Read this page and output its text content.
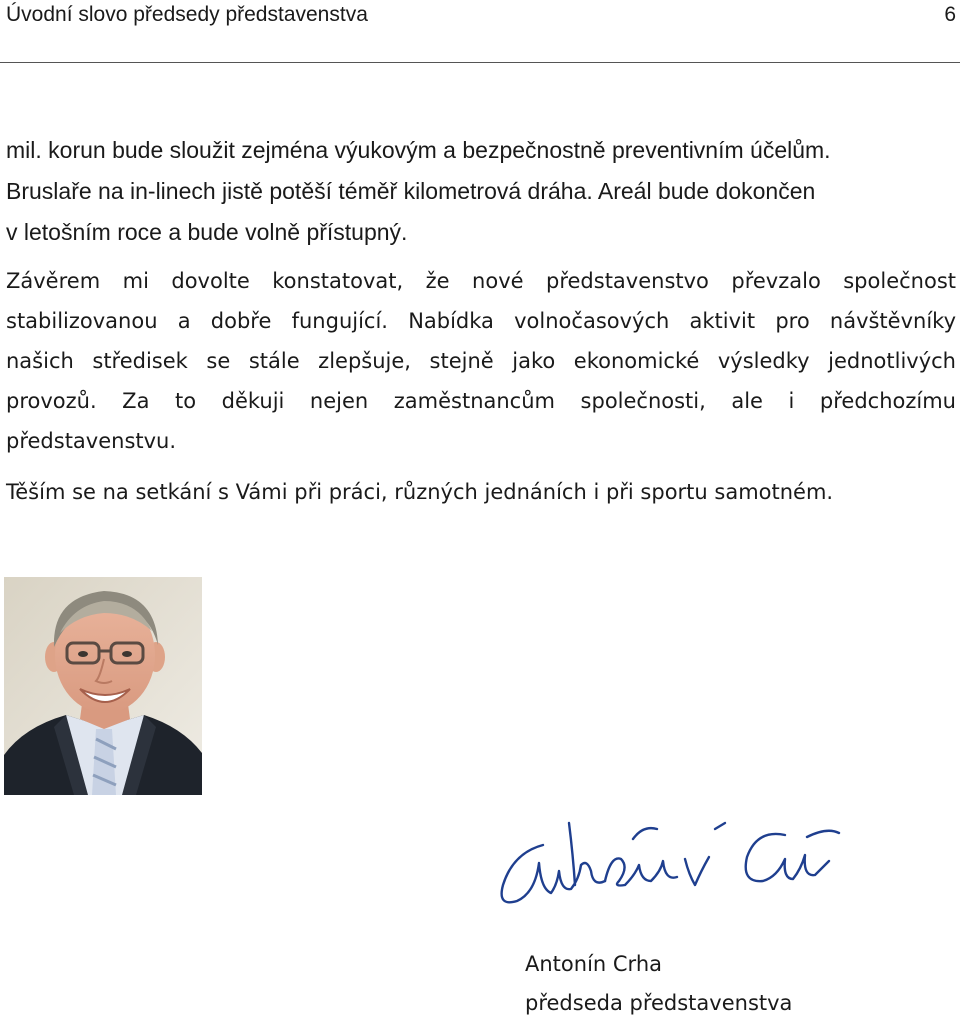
Úvodní slovo předsedy představenstva	6

mil. korun bude sloužit zejména výukovým a bezpečnostně preventivním účelům.
Bruslaře na in-linech jistě potěší téměř kilometrová dráha. Areál bude dokončen
v letošním roce a bude volně přístupný.

Závěrem mi dovolte konstatovat, že nové představenstvo převzalo společnost
stabilizovanou a dobře fungující. Nabídka volnočasových aktivit pro návštěvníky
našich středisek se stále zlepšuje, stejně jako ekonomické výsledky jednotlivých
provozů. Za to děkuji nejen zaměstnancům společnosti, ale i předchozímu
představenstvu.

Těším se na setkání s Vámi při práci, různých jednáních i při sportu samotném.

Antonín Crha
předseda představenstva
